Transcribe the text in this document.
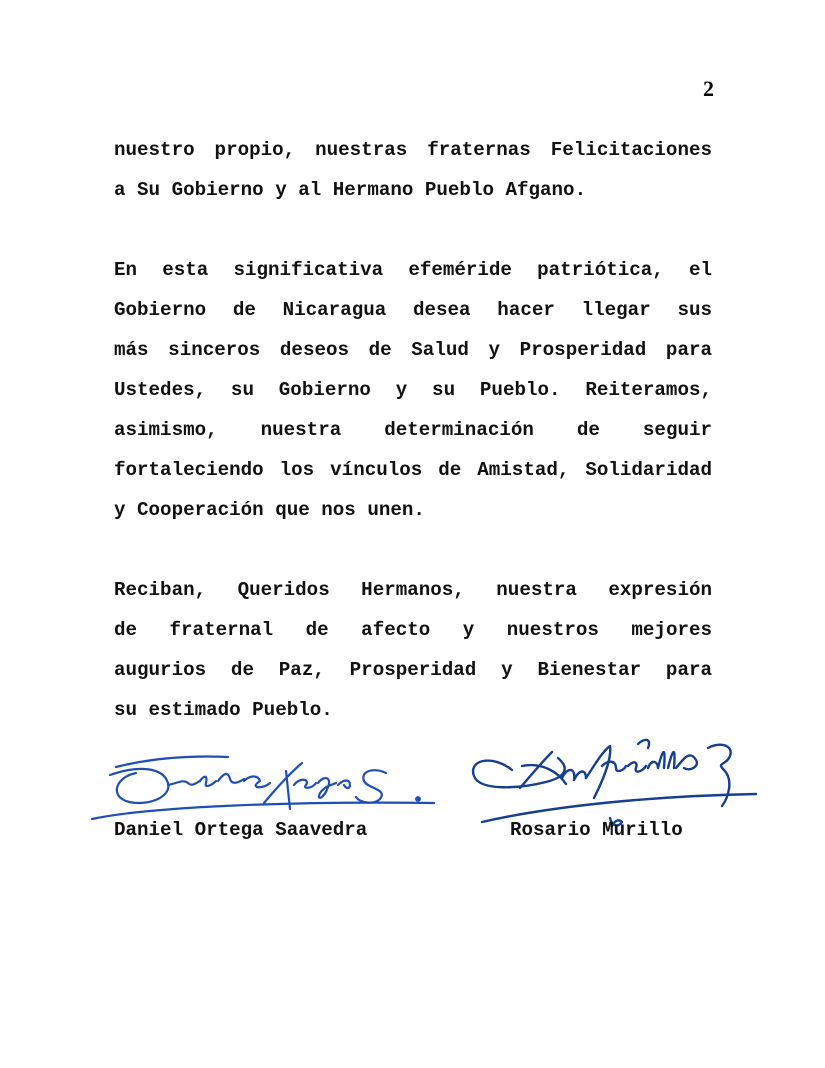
2
nuestro propio, nuestras fraternas Felicitaciones
a Su Gobierno y al Hermano Pueblo Afgano.
En esta significativa efeméride patriótica, el
Gobierno de Nicaragua desea hacer llegar sus
más sinceros deseos de Salud y Prosperidad para
Ustedes, su Gobierno y su Pueblo. Reiteramos,
asimismo, nuestra determinación de seguir
fortaleciendo los vínculos de Amistad, Solidaridad
y Cooperación que nos unen.
Reciban, Queridos Hermanos, nuestra expresión
de fraternal de afecto y nuestros mejores
augurios de Paz, Prosperidad y Bienestar para
su estimado Pueblo.
Daniel Ortega Saavedra	Rosario Murillo
